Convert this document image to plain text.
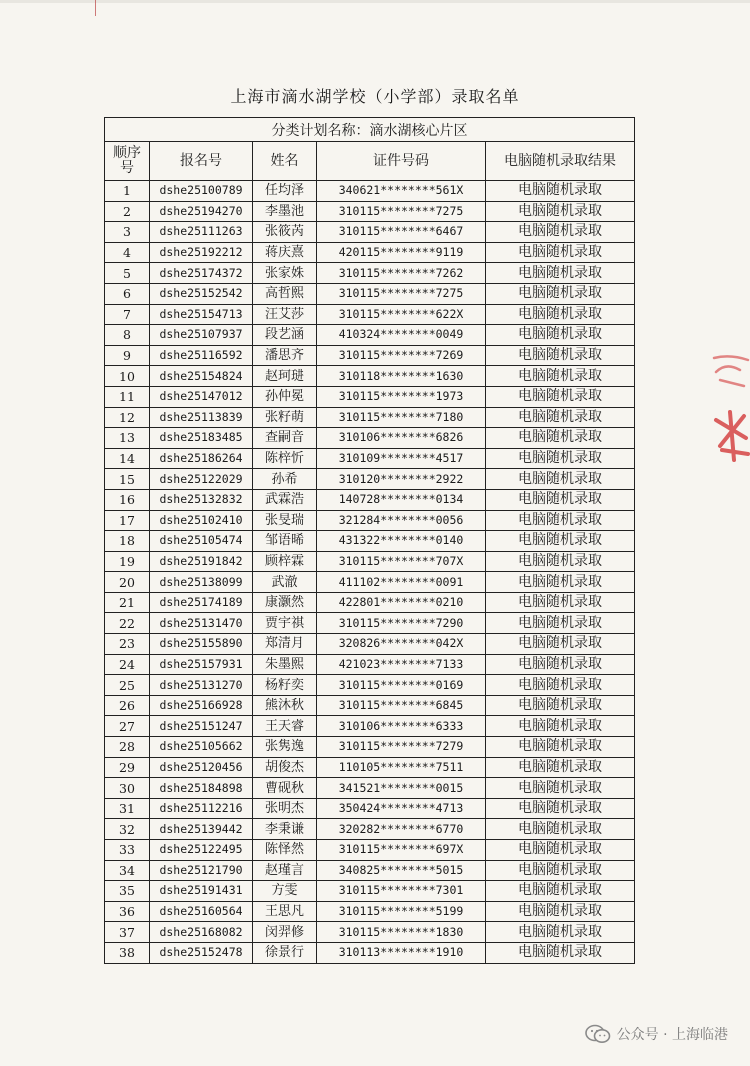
上海市滴水湖学校（小学部）录取名单
分类计划名称：滴水湖核心片区				

顺序
号	报名号	姓名	证件号码	电脑随机录取结果
1	dshe25100789	任均泽	340621********561X	电脑随机录取
2	dshe25194270	李墨池	310115********7275	电脑随机录取
3	dshe25111263	张筱芮	310115********6467	电脑随机录取
4	dshe25192212	蒋庆熹	420115********9119	电脑随机录取
5	dshe25174372	张家姝	310115********7262	电脑随机录取
6	dshe25152542	高哲熙	310115********7275	电脑随机录取
7	dshe25154713	汪艾莎	310115********622X	电脑随机录取
8	dshe25107937	段艺涵	410324********0049	电脑随机录取
9	dshe25116592	潘思齐	310115********7269	电脑随机录取
10	dshe25154824	赵珂琎	310118********1630	电脑随机录取
11	dshe25147012	孙仲冕	310115********1973	电脑随机录取
12	dshe25113839	张籽萌	310115********7180	电脑随机录取
13	dshe25183485	查嗣音	310106********6826	电脑随机录取
14	dshe25186264	陈梓忻	310109********4517	电脑随机录取
15	dshe25122029	孙希	310120********2922	电脑随机录取
16	dshe25132832	武霖浩	140728********0134	电脑随机录取
17	dshe25102410	张旻瑞	321284********0056	电脑随机录取
18	dshe25105474	邹语晞	431322********0140	电脑随机录取
19	dshe25191842	顾梓霖	310115********707X	电脑随机录取
20	dshe25138099	武澈	411102********0091	电脑随机录取
21	dshe25174189	康灏然	422801********0210	电脑随机录取
22	dshe25131470	贾宇祺	310115********7290	电脑随机录取
23	dshe25155890	郑清月	320826********042X	电脑随机录取
24	dshe25157931	朱墨熙	421023********7133	电脑随机录取
25	dshe25131270	杨籽奕	310115********0169	电脑随机录取
26	dshe25166928	熊沐秋	310115********6845	电脑随机录取
27	dshe25151247	王天睿	310106********6333	电脑随机录取
28	dshe25105662	张隽逸	310115********7279	电脑随机录取
29	dshe25120456	胡俊杰	110105********7511	电脑随机录取
30	dshe25184898	曹砚秋	341521********0015	电脑随机录取
31	dshe25112216	张明杰	350424********4713	电脑随机录取
32	dshe25139442	李秉谦	320282********6770	电脑随机录取
33	dshe25122495	陈怿然	310115********697X	电脑随机录取
34	dshe25121790	赵瑾言	340825********5015	电脑随机录取
35	dshe25191431	方雯	310115********7301	电脑随机录取
36	dshe25160564	王思凡	310115********5199	电脑随机录取
37	dshe25168082	闵羿修	310115********1830	电脑随机录取
38	dshe25152478	徐景行	310113********1910	电脑随机录取
公众号 · 上海临港
